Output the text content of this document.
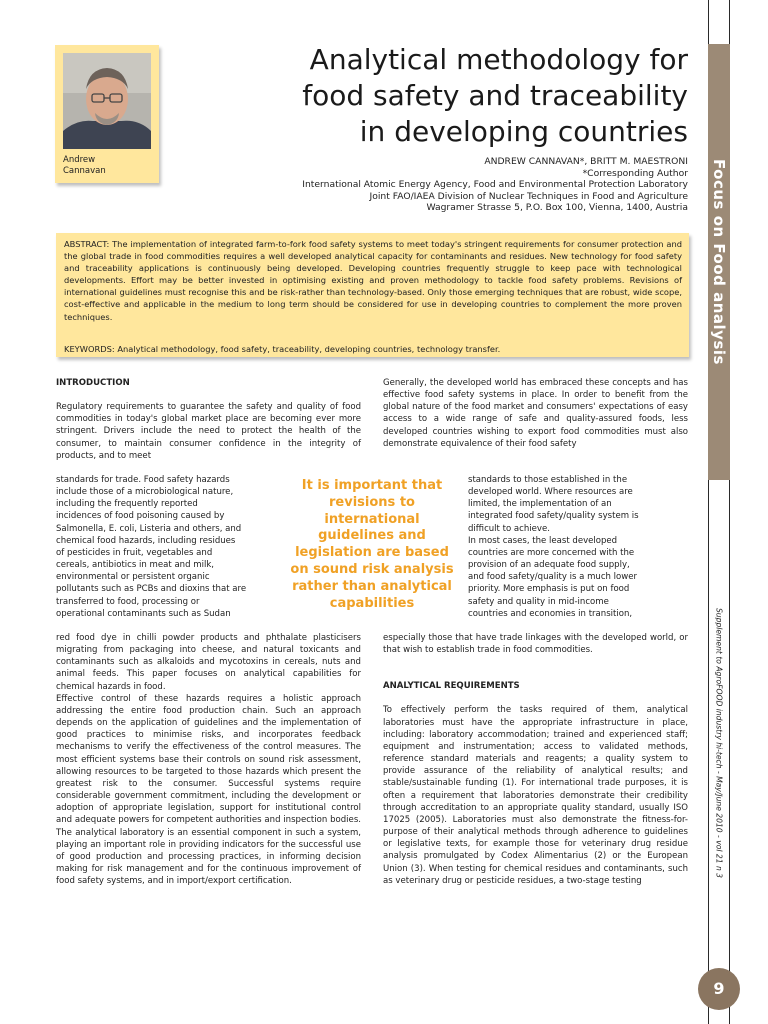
Focus on Food analysis
Supplement to AgroFOOD industry hi-tech - May/June 2010 - vol 21 n 3
9
Andrew
Cannavan
Analytical methodology for
food safety and traceability
in developing countries
ANDREW CANNAVAN*, BRITT M. MAESTRONI
*Corresponding Author
International Atomic Energy Agency, Food and Environmental Protection Laboratory
Joint FAO/IAEA Division of Nuclear Techniques in Food and Agriculture
Wagramer Strasse 5, P.O. Box 100, Vienna, 1400, Austria

ABSTRACT: The implementation of integrated farm-to-fork food safety systems to meet today's stringent requirements for consumer protection and the global trade in food commodities requires a well developed analytical capacity for contaminants and residues. New technology for food safety and traceability applications is continuously being developed. Developing countries frequently struggle to keep pace with technological developments. Effort may be better invested in optimising existing and proven methodology to tackle food safety problems. Revisions of international guidelines must recognise this and be risk-rather than technology-based. Only those emerging techniques that are robust, wide scope, cost-effective and applicable in the medium to long term should be considered for use in developing countries to complement the more proven techniques.

KEYWORDS: Analytical methodology, food safety, traceability, developing countries, technology transfer.

INTRODUCTION

Regulatory requirements to guarantee the safety and quality of food commodities in today's global market place are becoming ever more stringent. Drivers include the need to protect the health of the consumer, to maintain consumer confidence in the integrity of products, and to meet

standards for trade. Food safety hazards
include those of a microbiological nature,
including the frequently reported
incidences of food poisoning caused by
Salmonella, E. coli, Listeria and others, and
chemical food hazards, including residues
of pesticides in fruit, vegetables and
cereals, antibiotics in meat and milk,
environmental or persistent organic
pollutants such as PCBs and dioxins that are
transferred to food, processing or
operational contaminants such as Sudan

red food dye in chilli powder products and phthalate plasticisers migrating from packaging into cheese, and natural toxicants and contaminants such as alkaloids and mycotoxins in cereals, nuts and animal feeds. This paper focuses on analytical capabilities for chemical hazards in food.

Effective control of these hazards requires a holistic approach addressing the entire food production chain. Such an approach depends on the application of guidelines and the implementation of good practices to minimise risks, and incorporates feedback mechanisms to verify the effectiveness of the control measures. The most efficient systems base their controls on sound risk assessment, allowing resources to be targeted to those hazards which present the greatest risk to the consumer. Successful systems require considerable government commitment, including the development or adoption of appropriate legislation, support for institutional control and adequate powers for competent authorities and inspection bodies. The analytical laboratory is an essential component in such a system, playing an important role in providing indicators for the successful use of good production and processing practices, in informing decision making for risk management and for the continuous improvement of food safety systems, and in import/export certification.

It is important that revisions to international guidelines and legislation are based on sound risk analysis rather than analytical capabilities

Generally, the developed world has embraced these concepts and has effective food safety systems in place. In order to benefit from the global nature of the food market and consumers' expectations of easy access to a wide range of safe and quality-assured foods, less developed countries wishing to export food commodities must also demonstrate equivalence of their food safety

standards to those established in the
developed world. Where resources are
limited, the implementation of an
integrated food safety/quality system is
difficult to achieve.
In most cases, the least developed
countries are more concerned with the
provision of an adequate food supply,
and food safety/quality is a much lower
priority. More emphasis is put on food
safety and quality in mid-income
countries and economies in transition,

especially those that have trade linkages with the developed world, or that wish to establish trade in food commodities.

ANALYTICAL REQUIREMENTS

To effectively perform the tasks required of them, analytical laboratories must have the appropriate infrastructure in place, including: laboratory accommodation; trained and experienced staff; equipment and instrumentation; access to validated methods, reference standard materials and reagents; a quality system to provide assurance of the reliability of analytical results; and stable/sustainable funding (1). For international trade purposes, it is often a requirement that laboratories demonstrate their credibility through accreditation to an appropriate quality standard, usually ISO 17025 (2005). Laboratories must also demonstrate the fitness-for-purpose of their analytical methods through adherence to guidelines or legislative texts, for example those for veterinary drug residue analysis promulgated by Codex Alimentarius (2) or the European Union (3). When testing for chemical residues and contaminants, such as veterinary drug or pesticide residues, a two-stage testing
